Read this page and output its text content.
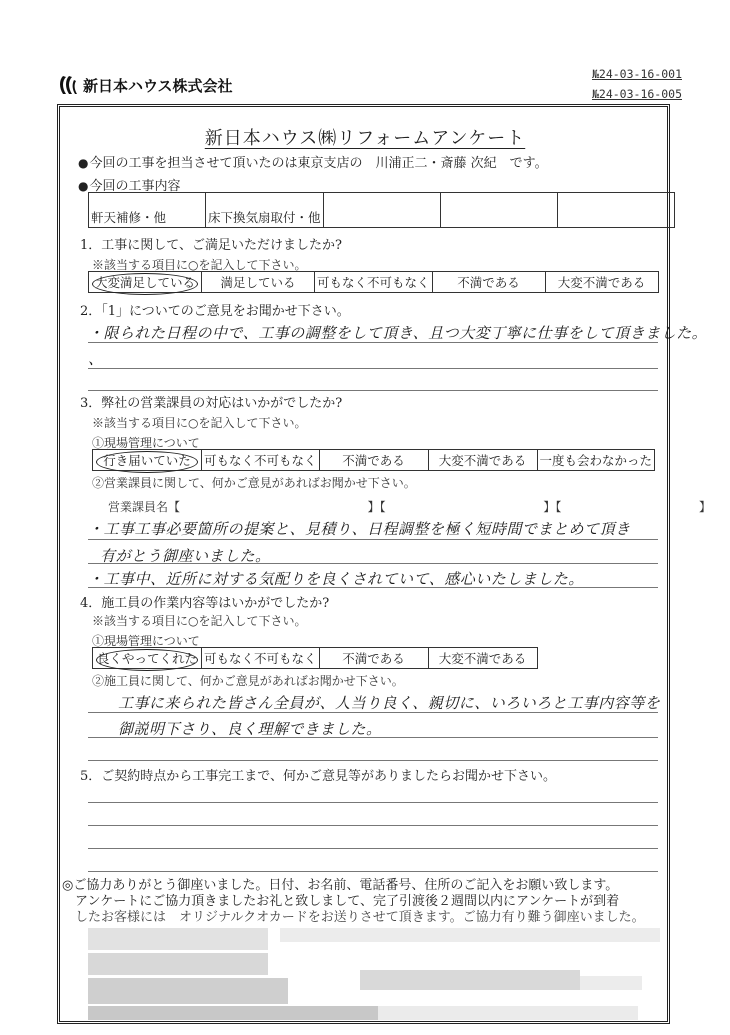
新日本ハウス株式会社
№24-03-16-001
№24-03-16-005
新日本ハウス㈱リフォームアンケート
● 今回の工事を担当させて頂いたのは東京支店の　川浦正二・斎藤 次紀　です。
● 今回の工事内容
軒天補修・他	床下換気扇取付・他			
1．工事に関して、ご満足いただけましたか?
※該当する項目に○を記入して下さい。
大変満足している	満足している	可もなく不可もなく	不満である	大変不満である
2．「1」についてのご意見をお聞かせ下さい。
・限られた日程の中で、工事の調整をして頂き、且つ大変丁寧に仕事をして頂きました。
、
3．弊社の営業課員の対応はいかがでしたか?
※該当する項目に○を記入して下さい。
①現場管理について
行き届いていた	可もなく不可もなく	不満である	大変不満である	一度も会わなかった
②営業課員に関して、何かご意見があればお聞かせ下さい。
営業課員名【	】【	】【	】
・工事工事必要箇所の提案と、見積り、日程調整を極く短時間でまとめて頂き
有がとう御座いました。
・工事中、近所に対する気配りを良くされていて、感心いたしました。
4．施工員の作業内容等はいかがでしたか?
※該当する項目に○を記入して下さい。
①現場管理について
良くやってくれた	可もなく不可もなく	不満である	大変不満である
②施工員に関して、何かご意見があればお聞かせ下さい。
工事に来られた皆さん全員が、人当り良く、親切に、いろいろと工事内容等を
御説明下さり、良く理解できました。
5．ご契約時点から工事完工まで、何かご意見等がありましたらお聞かせ下さい。
◎ご協力ありがとう御座いました。日付、お名前、電話番号、住所のご記入をお願い致します。
　アンケートにご協力頂きましたお礼と致しまして、完了引渡後２週間以内にアンケートが到着
　したお客様には　オリジナルクオカードをお送りさせて頂きます。ご協力有り難う御座いました。
